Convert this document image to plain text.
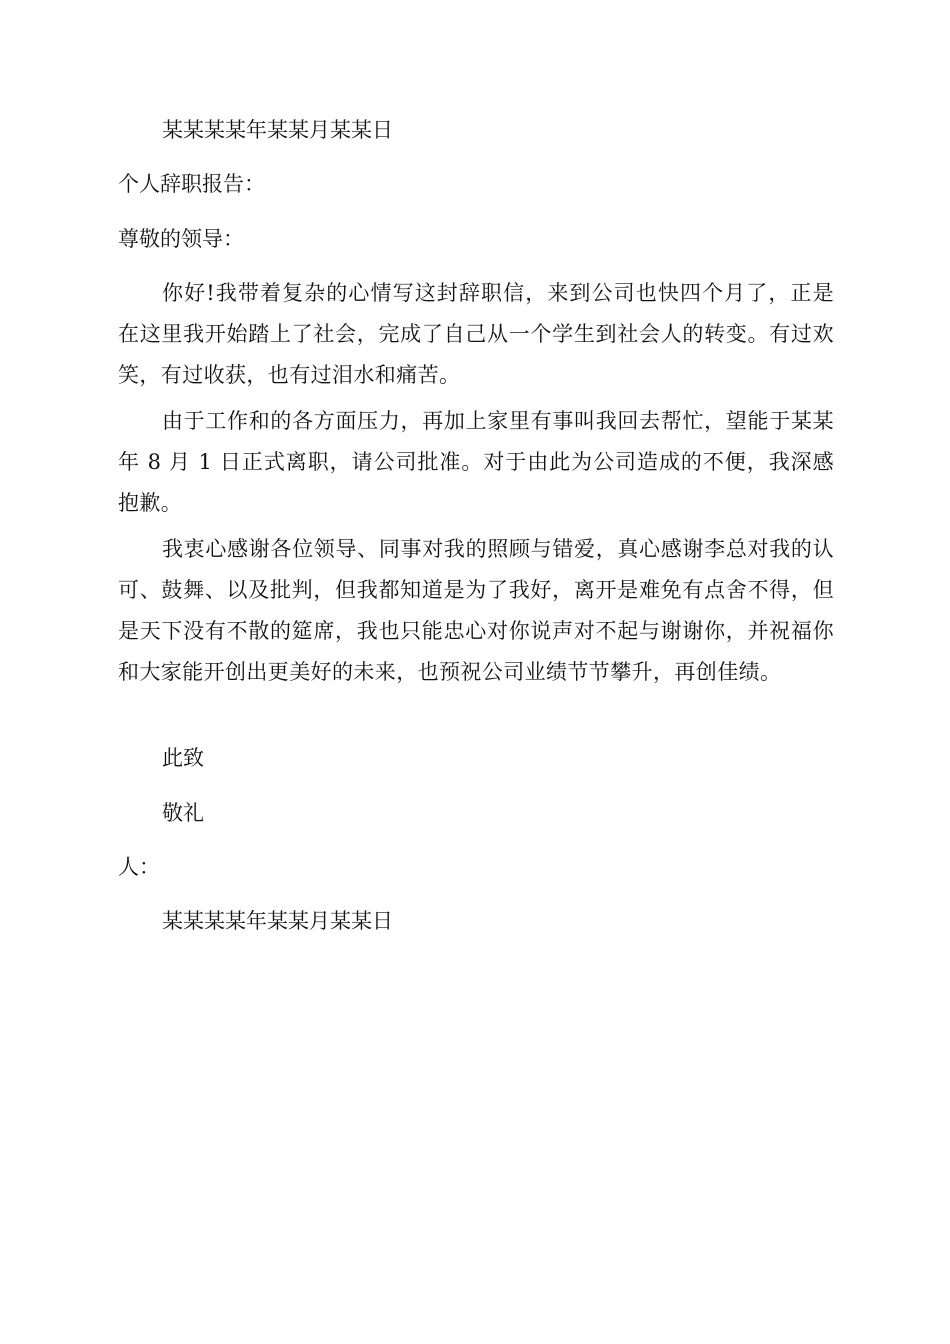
某某某某年某某月某某日

个人辞职报告：

尊敬的领导：

你好!我带着复杂的心情写这封辞职信，来到公司也快四个月了，正是在这里我开始踏上了社会，完成了自己从一个学生到社会人的转变。有过欢笑，有过收获，也有过泪水和痛苦。

由于工作和的各方面压力，再加上家里有事叫我回去帮忙，望能于某某年 8 月 1 日正式离职，请公司批准。对于由此为公司造成的不便，我深感抱歉。

我衷心感谢各位领导、同事对我的照顾与错爱，真心感谢李总对我的认可、鼓舞、以及批判，但我都知道是为了我好，离开是难免有点舍不得，但是天下没有不散的筵席，我也只能忠心对你说声对不起与谢谢你，并祝福你和大家能开创出更美好的未来，也预祝公司业绩节节攀升，再创佳绩。

此致

敬礼

人：

某某某某年某某月某某日
